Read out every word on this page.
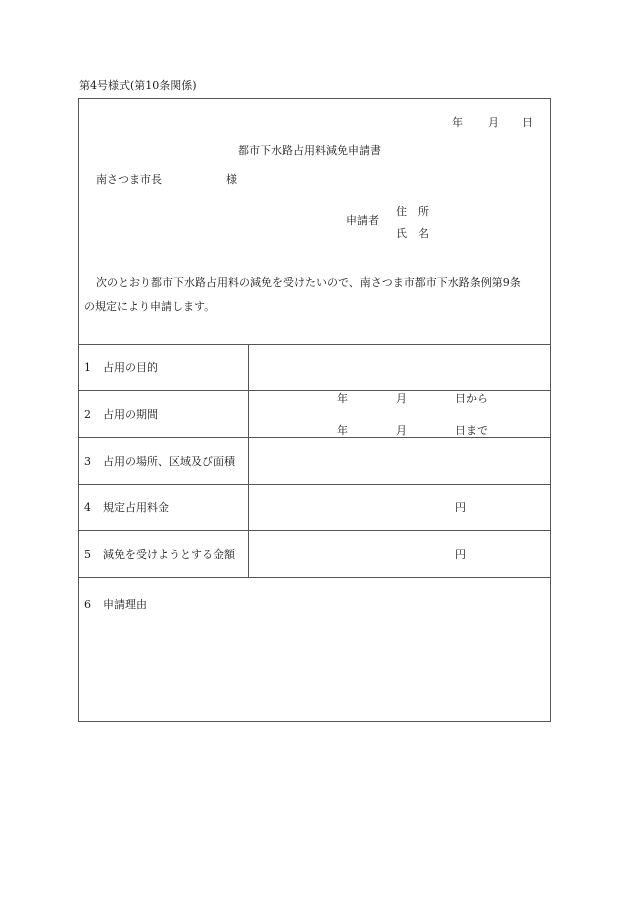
第4号様式(第10条関係)
年 月 日
都市下水路占用料減免申請書
南さつま市長	様
申請者
住　所
氏　名
次のとおり都市下水路占用料の減免を受けたいので、南さつま市都市下水路条例第9条
の規定により申請します。
1 占用の目的
2 占用の期間
年	月	日から
年	月	日まで
3 占用の場所、区域及び面積
4 規定占用料金	円
5 減免を受けようとする金額	円
6 申請理由
